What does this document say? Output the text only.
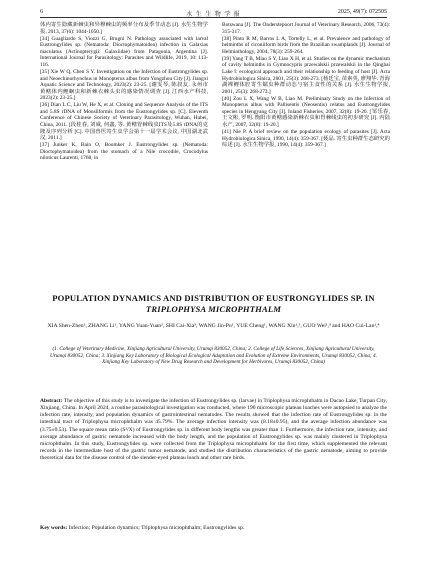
6	水 生 生 物 学 报	2025, 49(7): 072505

体内寄生隐藏新棘虫和异穆棘虫的频率分布及季节动态 [J]. 水生生物学报, 2013, 37(6): 1044-1050.]

[34] Guagliardo S, Viozzi G, Brugni N. Pathology associated with larval Eustrongylides sp. (Nematoda: Dioctophymatoidea) infection in Galaxias maculatus (Actinopterygii: Galaxiidae) from Patagonia, Argentina [J]. International Journal for Parasitology: Parasites and Wildlife, 2019, 10: 113-116.

[35] Xie W Q, Chen S Y. Investigation on the Infection of Eustrongylides sp. and Neoechinorhynchus in Monopterus albus from Yongzhou City [J]. Jiangxi Aquatic Science and Technology, 2023(2): 23-25. [谢雯琴, 陈叔友. 永州市黄鳝体内鲤蛔虫和新棘衣棘头虫的感染情况调查 [J]. 江西水产科技, 2023(2): 23-25.]

[36] Dian L C, Liu W, He X, et al. Cloning and Sequence Analysis of the ITS and 5.8S rDNA of Monsliformis from the Eustrongylides sp. [C]. Eleventh Conference of Chinese Society of Veterinary Parasitology, Wuhan, Hubei, China, 2011. [段桂春, 刘威, 何鑫, 等. 黄鳝胃棘线虫ITS及5.8S rDNA的克隆及序列分析 [C]. 中国兽医寄生虫学会第十一届学术会议, 中国湖北武汉, 2011.]

[37] Junker K, Bain O, Boomker J. Eustrongylides sp. (Nematoda: Dioctophymatoidea) from the stomach of a Nile crocodile, Crocodylus niloticus Laurenti, 1768, in

Botswana [J]. The Onderstepoort Journal of Veterinary Research, 2006, 73(4): 315-317.

[38] Pinto R M, Barros L A, Tortelly L, et al. Prevalence and pathology of helminths of ciconiiform birds from the Brazilian swamplands [J]. Journal of Helminthology, 2004, 78(3): 259-264.

[39] Yang T B, Miao S Y, Liao X H, et al. Studies on the dynamic mechanism of cavity helminths in Gymnocypris przewalskii przewalskii in the Qinghai Lake Ⅰ: ecological approach and their relationship to feeding of host [J]. Acta Hydrobiologica Sinica, 2001, 25(3): 268-273. [杨廷宝, 苗素英, 廖翔华. 青海湖裸鲤体腔寄生蠕虫种群动态与宿主食性的关系 [J]. 水生生物学报, 2001, 25(3): 268-273.]

[40] Zou L X, Wang W B, Liao M. Preliminary Study on the Infection of Monopterus albus with Pallisentis (Neosentis) celatus and Eustrongylides species in Hengyang City [J]. Inland Fisheries, 2007, 32(8): 19-20. [邹乐春, 王文彬, 罗明. 衡阳市黄鳝感染新棘衣虫和胃棘线虫的初步研究 [J]. 内陆水产, 2007, 32(8): 19-20.]

[41] Nie P. A brief review on the population ecology of parasites [J]. Acta Hydrobiologica Sinica, 1990, 14(4): 359-367. [聂品. 寄生虫种群生态研究的综述 [J]. 水生生物学报, 1990, 14(4): 359-367.]

POPULATION DYNAMICS AND DISTRIBUTION OF EUSTRONGYLIDES SP. IN
TRIPLOPHYSA MICROPHTHALM
XIA Shen-Zhen¹, ZHANG Li¹, YANG Yuan-Yuan², SHI Cai-Xia³, WANG Jin-Pu¹, YUE Cheng¹, WANG Xin¹,³, GUO Wei¹,³ and HAO Cui-Lan¹,⁴
(1. College of Veterinary Medicine, Xinjiang Agricultural University, Urumqi 830052, China; 2. College of Life Sciences, Xinjiang Agricultural University, Urumqi 830052, China; 3. Xinjiang Key Laboratory of Biological Ecological Adaptation and Evolution of Extreme Environments, Urumqi 830052, China; 4. Xinjiang Key Laboratory of New Drug Research and Development for Herbivores, Urumqi 830052, China)
Abstract: The objective of this study is to investigate the infection of Eustrongylides sp. (larvae) in Triplophysa microphthalm in Dacao Lake, Turpan City, Xinjiang, China. In April 2024, a routine parasitological investigation was conducted, where 190 microscopic plateau loaches were autopsied to analyze the infection rate, intensity, and population dynamics of gastrointestinal nematodes. The results showed that the infection rate of Eustrongylides sp. in the intestinal tract of Triplophysa microphthalm was 45.79%. The average infection intensity was (8.18±0.95), and the average infection abundance was (3.75±0.53). The square mean ratio (S²/X) of Eustrongylides sp. in different body lengths was greater than 1. Furthermore, the infection rate, intensity, and average abundance of gastric nematode increased with the body length, and the population of Eustrongylides sp. was mainly clustered in Triplophysa microphthalm. In this study, Eustrongylides sp. were collected from the Triplophysa microphthalm for the first time, which supplemented the relevant records in the intermediate host of the gastric tumor nematode, and studied the distribution characteristics of the gastric nematode, aiming to provide theoretical data for the disease control of the slender-eyed plateau loach and other rare birds.
Key words: Infection; Population dynamics; Triplophysa microphthalm; Eustrongylides sp.
